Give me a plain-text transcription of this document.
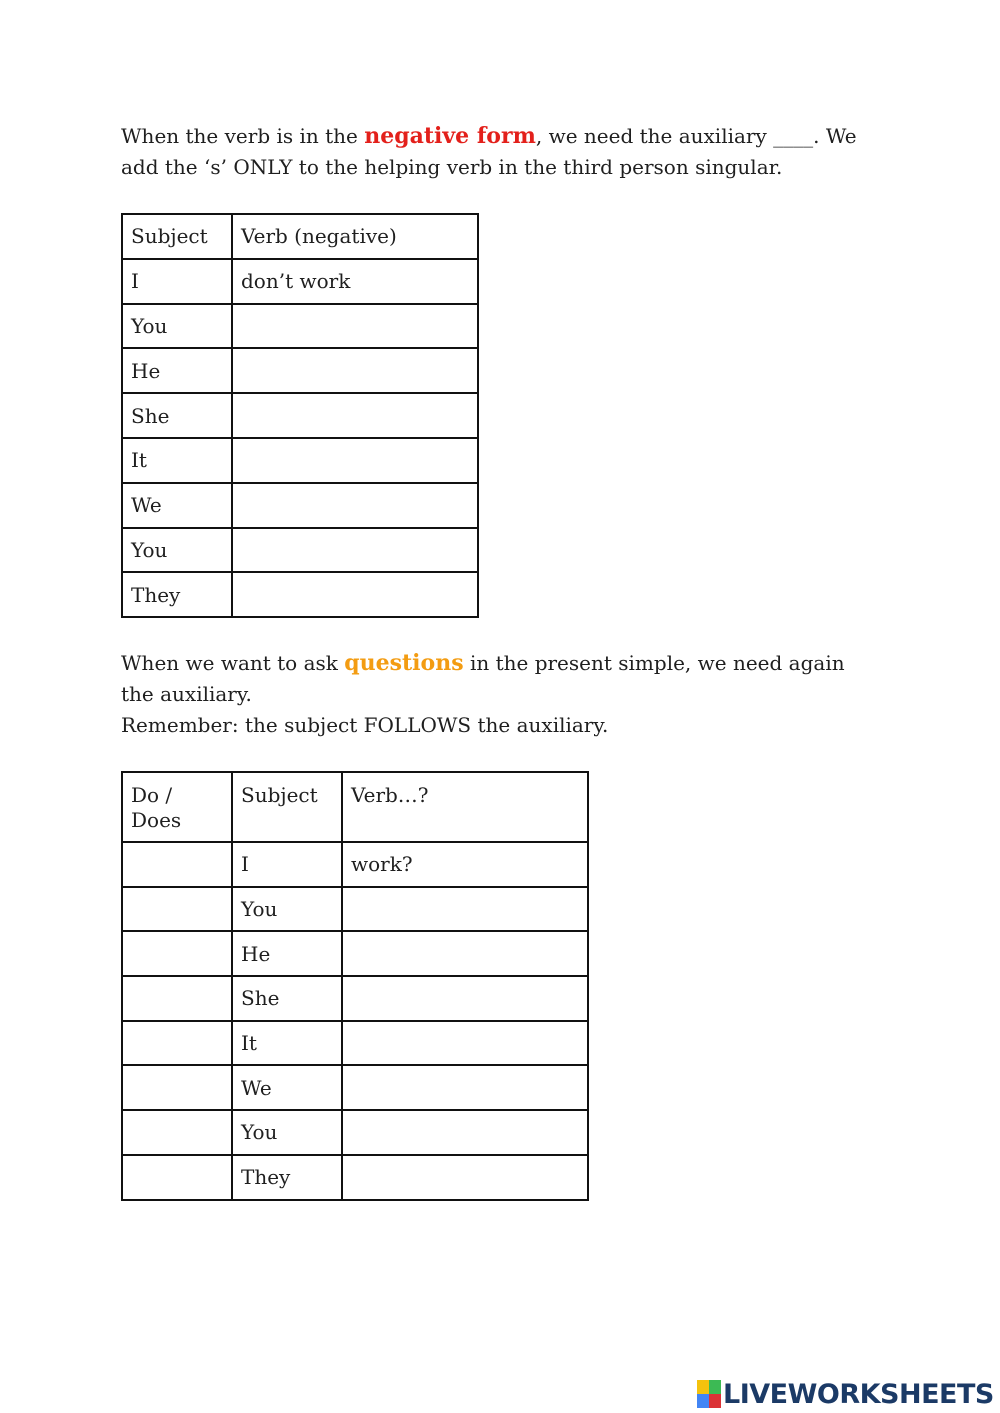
When the verb is in the negative form, we need the auxiliary ____. We add the ‘s’ ONLY to the helping verb in the third person singular.

Subject	Verb (negative)
I	don’t work
You	
He	
She	
It	
We	
You	
They	
When we want to ask questions in the present simple, we need again the auxiliary.
Remember: the subject FOLLOWS the auxiliary.
Do / Does	Subject	Verb…?
	I	work?
	You	
	He	
	She	
	It	
	We	
	You	
	They	
LIVEWORKSHEETS
